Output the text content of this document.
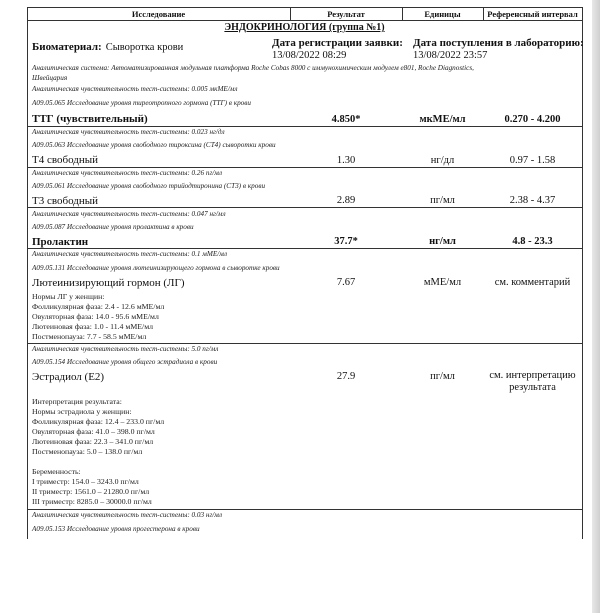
Исследование	Результат	Единицы	Референсный интервал
ЭНДОКРИНОЛОГИЯ (группа №1)
Биоматериал: Сыворотка крови	Дата регистрации заявки:
13/08/2022 08:29
Дата поступления в лабораторию:
13/08/2022 23:57
Аналитическая система: Автоматизированная модульная платформа Roche Cobas 8000 с иммунохимическим модулем e801, Roche Diagnostics,
Швейцария
Аналитическая чувствительность тест-системы: 0.005 мкМЕ/мл
A09.05.065 Исследование уровня тиреотропного гормона (ТТГ) в крови
ТТГ (чувствительный)	4.850*	мкМЕ/мл	0.270 - 4.200
Аналитическая чувствительность тест-системы: 0.023 нг/дл
A09.05.063 Исследование уровня свободного тироксина (СТ4) сыворотки крови
Т4 свободный	1.30	нг/дл	0.97 - 1.58
Аналитическая чувствительность тест-системы: 0.26 пг/мл
A09.05.061 Исследование уровня свободного трийодтиронина (СТ3) в крови
Т3 свободный	2.89	пг/мл	2.38 - 4.37
Аналитическая чувствительность тест-системы: 0.047 нг/мл
A09.05.087 Исследование уровня пролактина в крови
Пролактин	37.7*	нг/мл	4.8 - 23.3
Аналитическая чувствительность тест-системы: 0.1 мМЕ/мл
A09.05.131 Исследование уровня лютеинизирующего гормона в сыворотке крови
Лютеинизирующий гормон (ЛГ)	7.67	мМЕ/мл	см. комментарий
Нормы ЛГ у женщин:
Фолликулярная фаза: 2.4 - 12.6 мМЕ/мл
Овуляторная фаза: 14.0 - 95.6 мМЕ/мл
Лютеиновая фаза: 1.0 - 11.4 мМЕ/мл
Постменопауза: 7.7 - 58.5 мМЕ/мл
Аналитическая чувствительность тест-системы: 5.0 пг/мл
A09.05.154 Исследование уровня общего эстрадиола в крови
Эстрадиол (Е2)	27.9	пг/мл	см. интерпретацию
результата
Интерпретация результата:
Нормы эстрадиола у женщин:
Фолликулярная фаза: 12.4 – 233.0 пг/мл
Овуляторная фаза: 41.0 – 398.0 пг/мл
Лютеиновая фаза: 22.3 – 341.0 пг/мл
Постменопауза: 5.0 – 138.0 пг/мл
Беременность:
I триместр: 154.0 – 3243.0 пг/мл
II триместр: 1561.0 – 21280.0 пг/мл
III триместр: 8285.0 – 30000.0 пг/мл
Аналитическая чувствительность тест-системы: 0.03 нг/мл
A09.05.153 Исследование уровня прогестерона в крови
